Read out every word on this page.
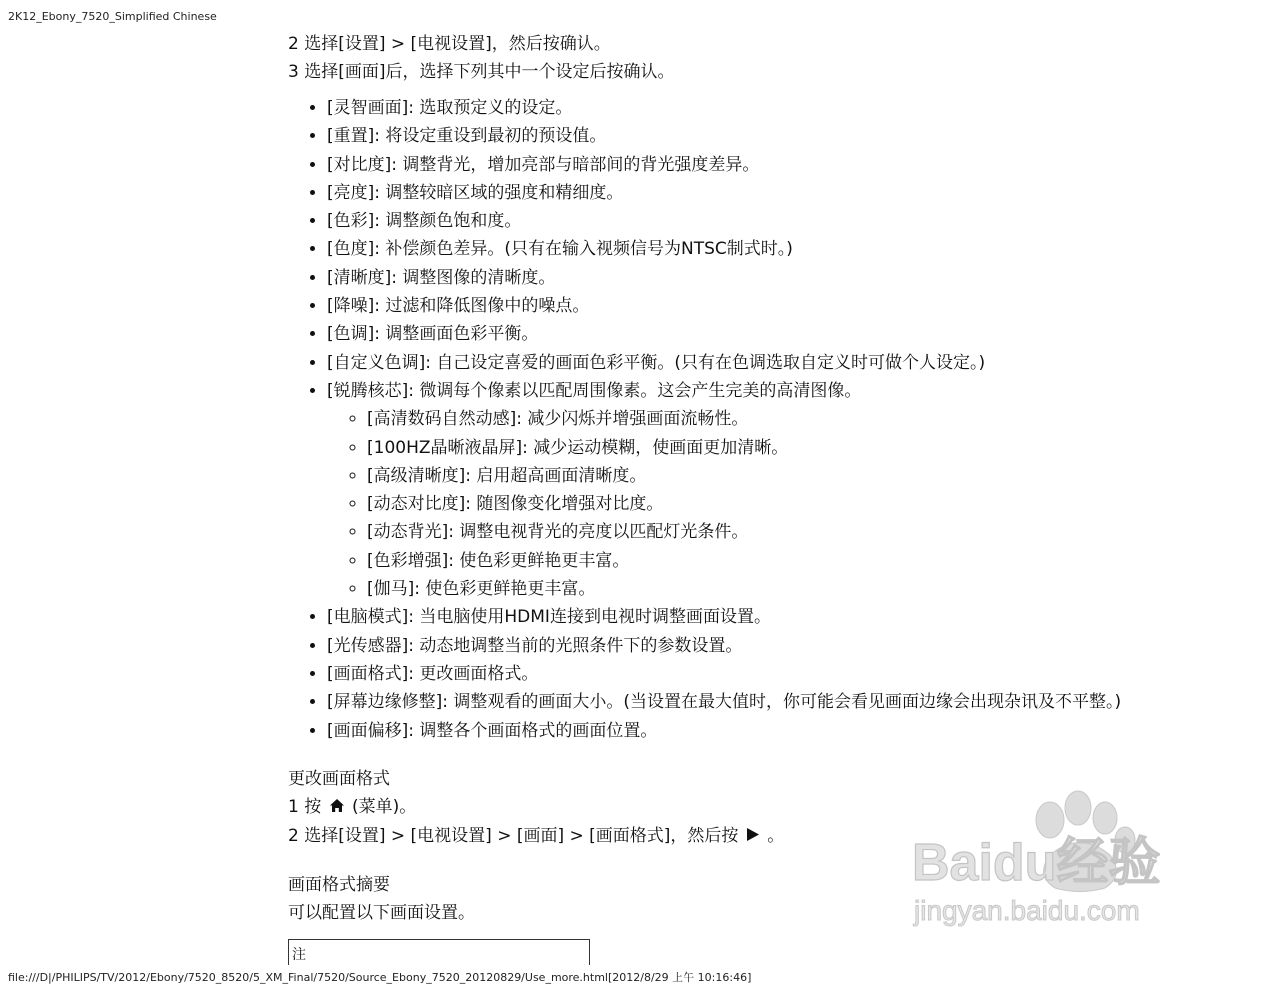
2K12_Ebony_7520_Simplified Chinese

2 选择[设置] > [电视设置]，然后按确认。

3 选择[画面]后，选择下列其中一个设定后按确认。

• [灵智画面]: 选取预定义的设定。
• [重置]: 将设定重设到最初的预设值。
• [对比度]: 调整背光，增加亮部与暗部间的背光强度差异。
• [亮度]: 调整较暗区域的强度和精细度。
• [色彩]: 调整颜色饱和度。
• [色度]: 补偿颜色差异。(只有在输入视频信号为NTSC制式时。)
• [清晰度]: 调整图像的清晰度。
• [降噪]: 过滤和降低图像中的噪点。
• [色调]: 调整画面色彩平衡。
• [自定义色调]: 自己设定喜爱的画面色彩平衡。(只有在色调选取自定义时可做个人设定。)
• [锐腾核芯]: 微调每个像素以匹配周围像素。这会产生完美的高清图像。
◦ [高清数码自然动感]: 减少闪烁并增强画面流畅性。
◦ [100HZ晶晰液晶屏]: 减少运动模糊，使画面更加清晰。
◦ [高级清晰度]: 启用超高画面清晰度。
◦ [动态对比度]: 随图像变化增强对比度。
◦ [动态背光]: 调整电视背光的亮度以匹配灯光条件。
◦ [色彩增强]: 使色彩更鲜艳更丰富。
◦ [伽马]: 使色彩更鲜艳更丰富。
• [电脑模式]: 当电脑使用HDMI连接到电视时调整画面设置。
• [光传感器]: 动态地调整当前的光照条件下的参数设置。
• [画面格式]: 更改画面格式。
• [屏幕边缘修整]: 调整观看的画面大小。(当设置在最大值时，你可能会看见画面边缘会出现杂讯及不平整。)
• [画面偏移]: 调整各个画面格式的画面位置。

更改画面格式

1 按 (菜单)。

2 选择[设置] > [电视设置] > [画面] > [画面格式]，然后按 。

画面格式摘要

可以配置以下画面设置。

注
Baidu经验
jingyan.baidu.com
file:///D|/PHILIPS/TV/2012/Ebony/7520_8520/5_XM_Final/7520/Source_Ebony_7520_20120829/Use_more.html[2012/8/29 上午 10:16:46]
